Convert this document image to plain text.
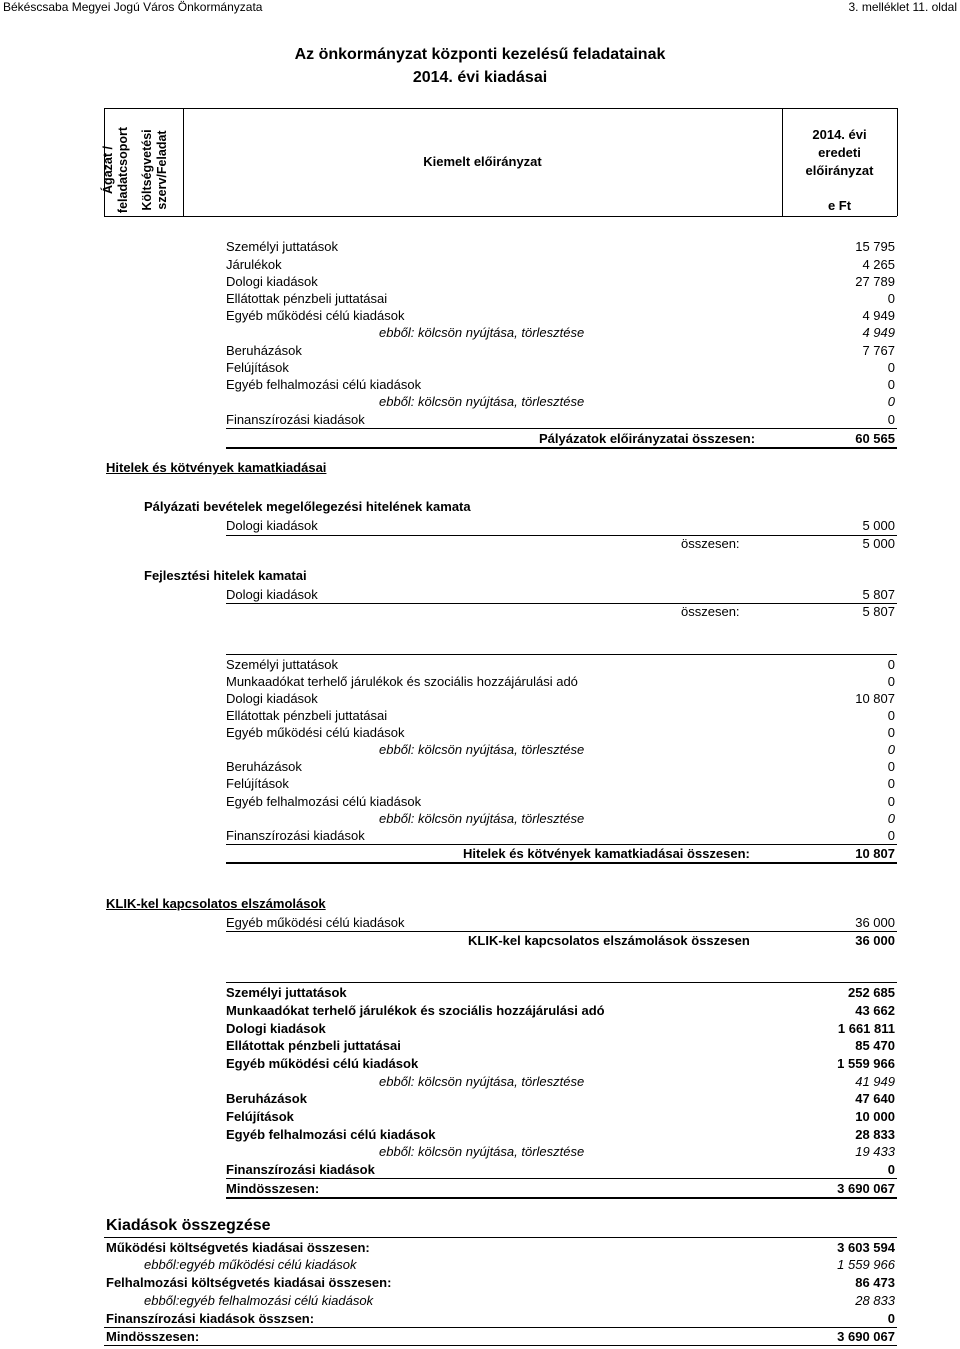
Békéscsaba Megyei Jogú Város Önkormányzata	3. melléklet 11. oldal
Az önkormányzat központi kezelésű feladatainak
2014. évi kiadásai
Ágazat / feladatcsoport Költségvetési szerv/Feladat	Kiemelt előirányzat
2014. évi
eredeti
előirányzat
e Ft
Személyi juttatások	15 795
Járulékok	4 265
Dologi kiadások	27 789
Ellátottak pénzbeli juttatásai	0
Egyéb működési célú kiadások	4 949
ebből: kölcsön nyújtása, törlesztése	4 949
Beruházások	7 767
Felújítások	0
Egyéb felhalmozási célú kiadások	0
ebből: kölcsön nyújtása, törlesztése	0
Finanszírozási kiadások	0
Pályázatok előirányzatai összesen:	60 565
Hitelek és kötvények kamatkiadásai
Pályázati bevételek megelőlegezési hitelének kamata
Dologi kiadások	5 000
összesen:	5 000
Fejlesztési hitelek kamatai
Dologi kiadások	5 807
összesen:	5 807
Személyi juttatások	0
Munkaadókat terhelő járulékok és szociális hozzájárulási adó	0
Dologi kiadások	10 807
Ellátottak pénzbeli juttatásai	0
Egyéb működési célú kiadások	0
ebből: kölcsön nyújtása, törlesztése	0
Beruházások	0
Felújítások	0
Egyéb felhalmozási célú kiadások	0
ebből: kölcsön nyújtása, törlesztése	0
Finanszírozási kiadások	0
Hitelek és kötvények kamatkiadásai összesen:	10 807
KLIK-kel kapcsolatos elszámolások
Egyéb működési célú kiadások	36 000
KLIK-kel kapcsolatos elszámolások összesen	36 000
Személyi juttatások	252 685
Munkaadókat terhelő járulékok és szociális hozzájárulási adó	43 662
Dologi kiadások	1 661 811
Ellátottak pénzbeli juttatásai	85 470
Egyéb működési célú kiadások	1 559 966
ebből: kölcsön nyújtása, törlesztése	41 949
Beruházások	47 640
Felújítások	10 000
Egyéb felhalmozási célú kiadások	28 833
ebből: kölcsön nyújtása, törlesztése	19 433
Finanszírozási kiadások	0
Mindösszesen:	3 690 067
Kiadások összegzése
Működési költségvetés kiadásai összesen:	3 603 594
ebből:egyéb működési célú kiadások	1 559 966
Felhalmozási költségvetés kiadásai összesen:	86 473
ebből:egyéb felhalmozási célú kiadások	28 833
Finanszírozási kiadások összsen:	0
Mindösszesen:	3 690 067
